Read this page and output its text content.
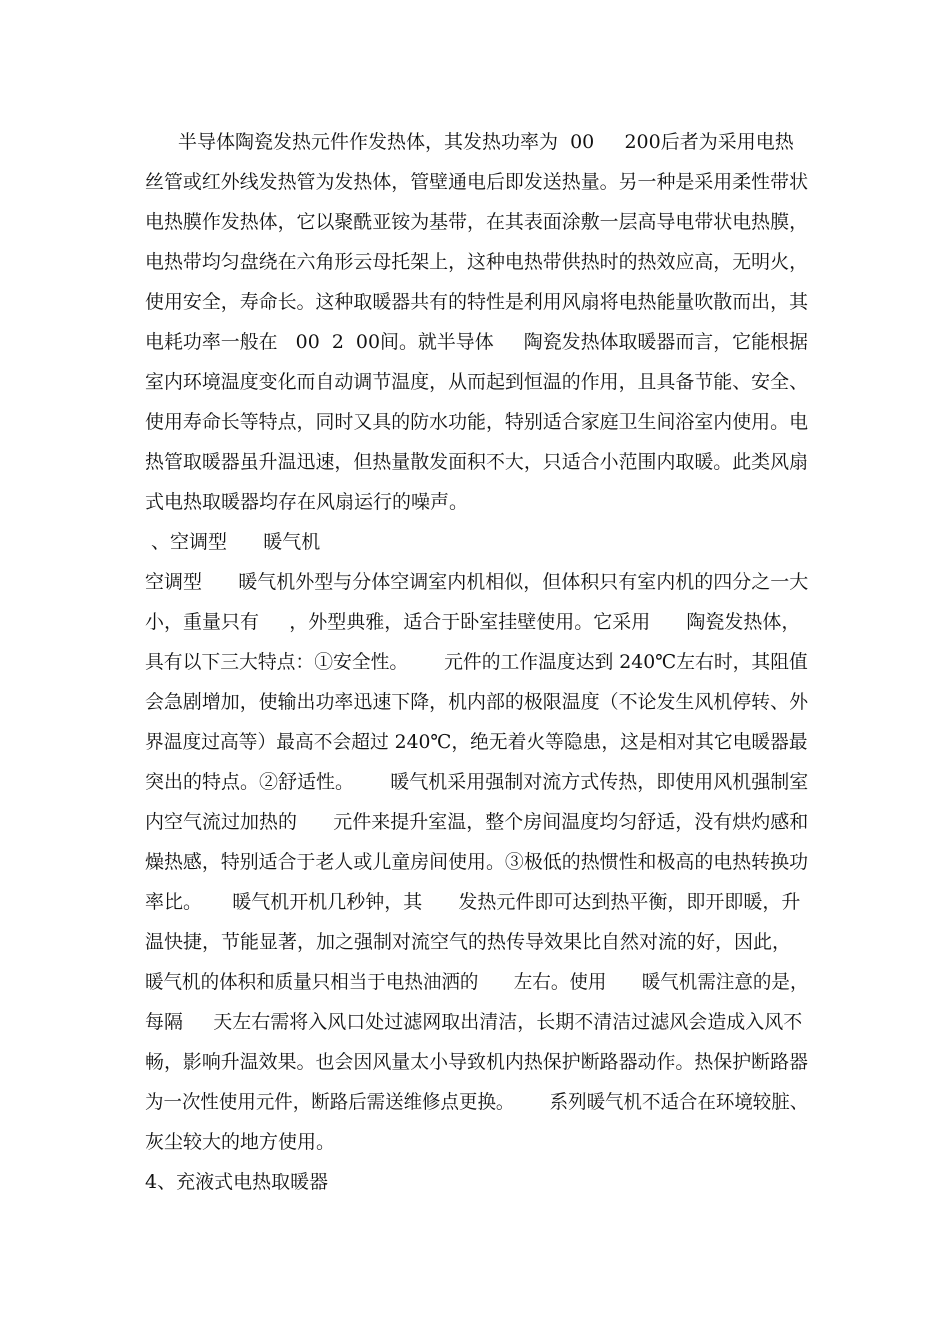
半导体陶瓷发热元件作发热体，其发热功率为  00     200后者为采用电热
丝管或红外线发热管为发热体，管壁通电后即发送热量。另一种是采用柔性带状
电热膜作发热体，它以聚酰亚铵为基带，在其表面涂敷一层高导电带状电热膜，
电热带均匀盘绕在六角形云母托架上，这种电热带供热时的热效应高，无明火，
使用安全，寿命长。这种取暖器共有的特性是利用风扇将电热能量吹散而出，其
电耗功率一般在   00  2  00间。就半导体     陶瓷发热体取暖器而言，它能根据
室内环境温度变化而自动调节温度，从而起到恒温的作用，且具备节能、安全、
使用寿命长等特点，同时又具的防水功能，特别适合家庭卫生间浴室内使用。电
热管取暖器虽升温迅速，但热量散发面积不大，只适合小范围内取暖。此类风扇
式电热取暖器均存在风扇运行的噪声。
、空调型      暖气机
空调型      暖气机外型与分体空调室内机相似，但体积只有室内机的四分之一大
小，重量只有     ，外型典雅，适合于卧室挂壁使用。它采用      陶瓷发热体，
具有以下三大特点：①安全性。      元件的工作温度达到 240℃左右时，其阻值
会急剧增加，使输出功率迅速下降，机内部的极限温度（不论发生风机停转、外
界温度过高等）最高不会超过 240℃，绝无着火等隐患，这是相对其它电暖器最
突出的特点。②舒适性。      暖气机采用强制对流方式传热，即使用风机强制室
内空气流过加热的      元件来提升室温，整个房间温度均匀舒适，没有烘灼感和
燥热感，特别适合于老人或儿童房间使用。③极低的热惯性和极高的电热转换功
率比。     暖气机开机几秒钟，其      发热元件即可达到热平衡，即开即暖，升
温快捷，节能显著，加之强制对流空气的热传导效果比自然对流的好，因此，
暖气机的体积和质量只相当于电热油洒的      左右。使用      暖气机需注意的是，
每隔     天左右需将入风口处过滤网取出清洁，长期不清洁过滤风会造成入风不
畅，影响升温效果。也会因风量太小导致机内热保护断路器动作。热保护断路器
为一次性使用元件，断路后需送维修点更换。      系列暖气机不适合在环境较脏、
灰尘较大的地方使用。
4、充液式电热取暖器
